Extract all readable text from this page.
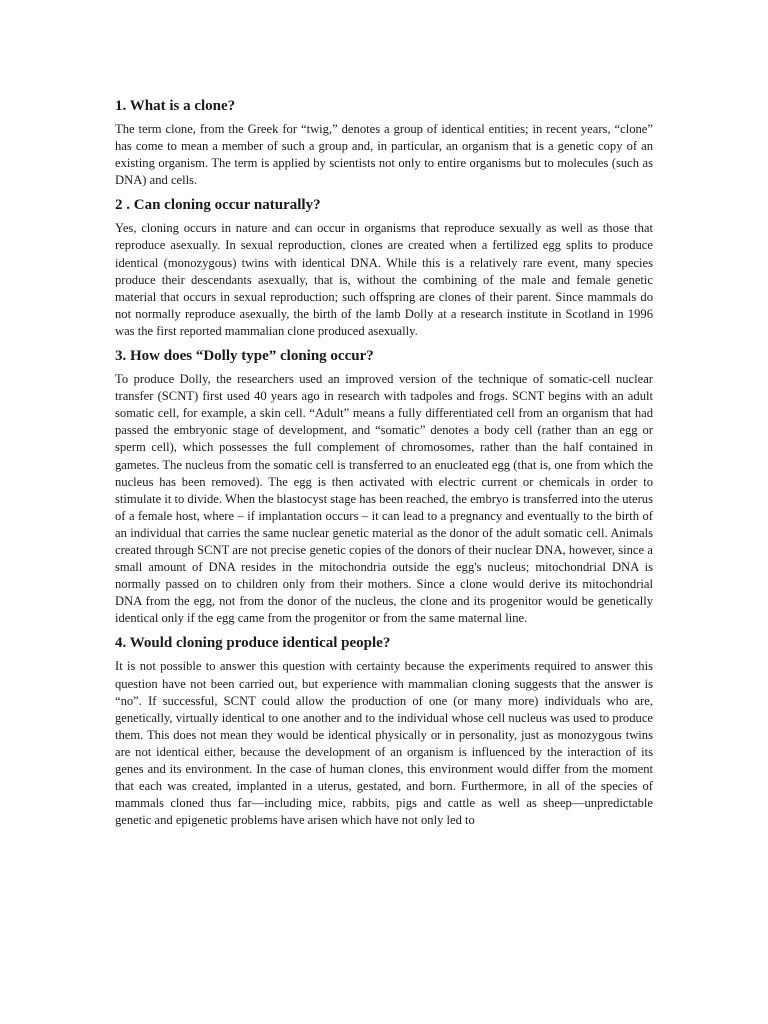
1. What is a clone?
The term clone, from the Greek for “twig,” denotes a group of identical entities; in recent years, “clone” has come to mean a member of such a group and, in particular, an organism that is a genetic copy of an existing organism. The term is applied by scientists not only to entire organisms but to molecules (such as DNA) and cells.
2 . Can cloning occur naturally?
Yes, cloning occurs in nature and can occur in organisms that reproduce sexually as well as those that reproduce asexually. In sexual reproduction, clones are created when a fertilized egg splits to produce identical (monozygous) twins with identical DNA. While this is a relatively rare event, many species produce their descendants asexually, that is, without the combining of the male and female genetic material that occurs in sexual reproduction; such offspring are clones of their parent. Since mammals do not normally reproduce asexually, the birth of the lamb Dolly at a research institute in Scotland in 1996 was the first reported mammalian clone produced asexually.
3. How does “Dolly type” cloning occur?
To produce Dolly, the researchers used an improved version of the technique of somatic-cell nuclear transfer (SCNT) first used 40 years ago in research with tadpoles and frogs. SCNT begins with an adult somatic cell, for example, a skin cell. “Adult” means a fully differentiated cell from an organism that had passed the embryonic stage of development, and “somatic” denotes a body cell (rather than an egg or sperm cell), which possesses the full complement of chromosomes, rather than the half contained in gametes. The nucleus from the somatic cell is transferred to an enucleated egg (that is, one from which the nucleus has been removed). The egg is then activated with electric current or chemicals in order to stimulate it to divide. When the blastocyst stage has been reached, the embryo is transferred into the uterus of a female host, where – if implantation occurs – it can lead to a pregnancy and eventually to the birth of an individual that carries the same nuclear genetic material as the donor of the adult somatic cell. Animals created through SCNT are not precise genetic copies of the donors of their nuclear DNA, however, since a small amount of DNA resides in the mitochondria outside the egg's nucleus; mitochondrial DNA is normally passed on to children only from their mothers. Since a clone would derive its mitochondrial DNA from the egg, not from the donor of the nucleus, the clone and its progenitor would be genetically identical only if the egg came from the progenitor or from the same maternal line.
4. Would cloning produce identical people?
It is not possible to answer this question with certainty because the experiments required to answer this question have not been carried out, but experience with mammalian cloning suggests that the answer is “no”. If successful, SCNT could allow the production of one (or many more) individuals who are, genetically, virtually identical to one another and to the individual whose cell nucleus was used to produce them. This does not mean they would be identical physically or in personality, just as monozygous twins are not identical either, because the development of an organism is influenced by the interaction of its genes and its environment. In the case of human clones, this environment would differ from the moment that each was created, implanted in a uterus, gestated, and born. Furthermore, in all of the species of mammals cloned thus far—including mice, rabbits, pigs and cattle as well as sheep—unpredictable genetic and epigenetic problems have arisen which have not only led to
